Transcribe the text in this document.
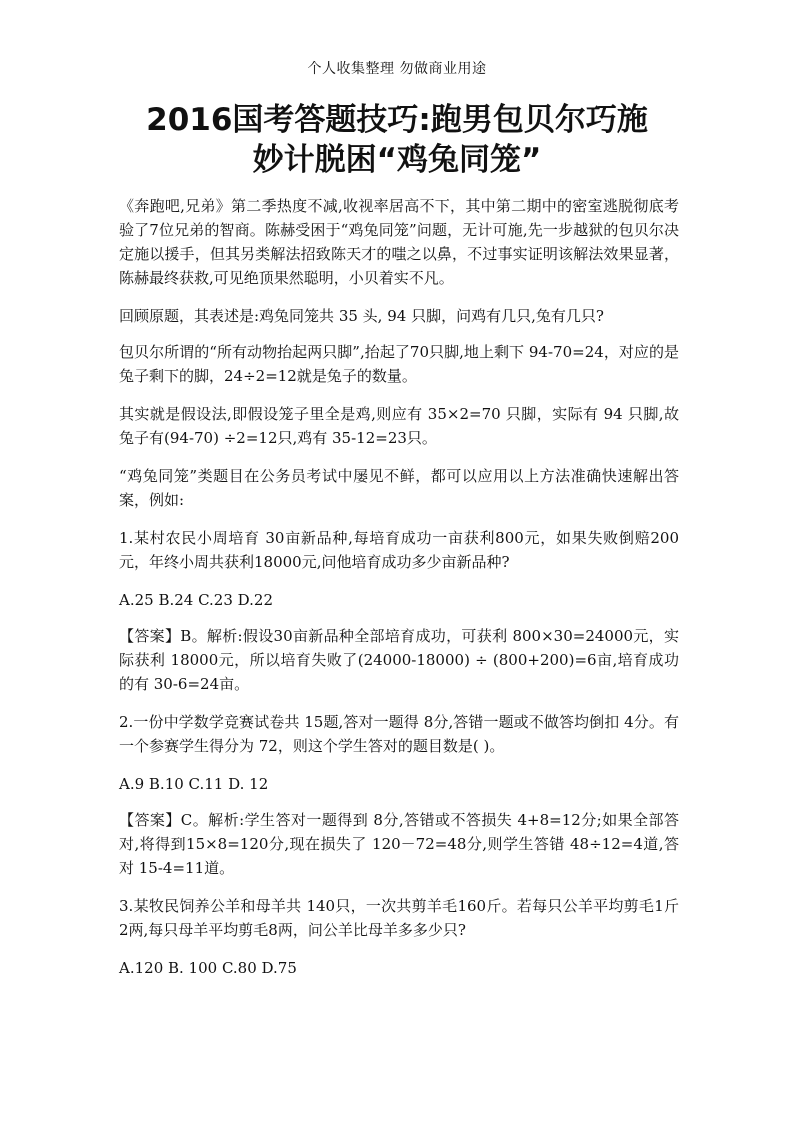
个人收集整理 勿做商业用途
2016国考答题技巧:跑男包贝尔巧施
妙计脱困“鸡兔同笼”

《奔跑吧,兄弟》第二季热度不减,收视率居高不下，其中第二期中的密室逃脱彻底考验了7位兄弟的智商。陈赫受困于“鸡兔同笼”问题，无计可施,先一步越狱的包贝尔决定施以援手，但其另类解法招致陈天才的嗤之以鼻，不过事实证明该解法效果显著，陈赫最终获救,可见绝顶果然聪明，小贝着实不凡。

回顾原题，其表述是:鸡兔同笼共 35 头, 94 只脚，问鸡有几只,兔有几只?

包贝尔所谓的“所有动物抬起两只脚”,抬起了70只脚,地上剩下 94-70=24，对应的是兔子剩下的脚，24÷2=12就是兔子的数量。

其实就是假设法,即假设笼子里全是鸡,则应有 35×2=70 只脚，实际有 94 只脚,故兔子有(94-70) ÷2=12只,鸡有 35-12=23只。

“鸡兔同笼”类题目在公务员考试中屡见不鲜，都可以应用以上方法准确快速解出答案，例如:

1.某村农民小周培育 30亩新品种,每培育成功一亩获利800元，如果失败倒赔200元，年终小周共获利18000元,问他培育成功多少亩新品种?

A.25 B.24 C.23 D.22

【答案】B。解析:假设30亩新品种全部培育成功，可获利 800×30=24000元，实际获利 18000元，所以培育失败了(24000-18000) ÷ (800+200)=6亩,培育成功的有 30-6=24亩。

2.一份中学数学竞赛试卷共 15题,答对一题得 8分,答错一题或不做答均倒扣 4分。有一个参赛学生得分为 72，则这个学生答对的题目数是( )。

A.9 B.10 C.11 D. 12

【答案】C。解析:学生答对一题得到 8分,答错或不答损失 4+8=12分;如果全部答对,将得到15×8=120分,现在损失了 120－72=48分,则学生答错 48÷12=4道,答对 15-4=11道。

3.某牧民饲养公羊和母羊共 140只，一次共剪羊毛160斤。若每只公羊平均剪毛1斤2两,每只母羊平均剪毛8两，问公羊比母羊多多少只?

A.120 B. 100 C.80 D.75
